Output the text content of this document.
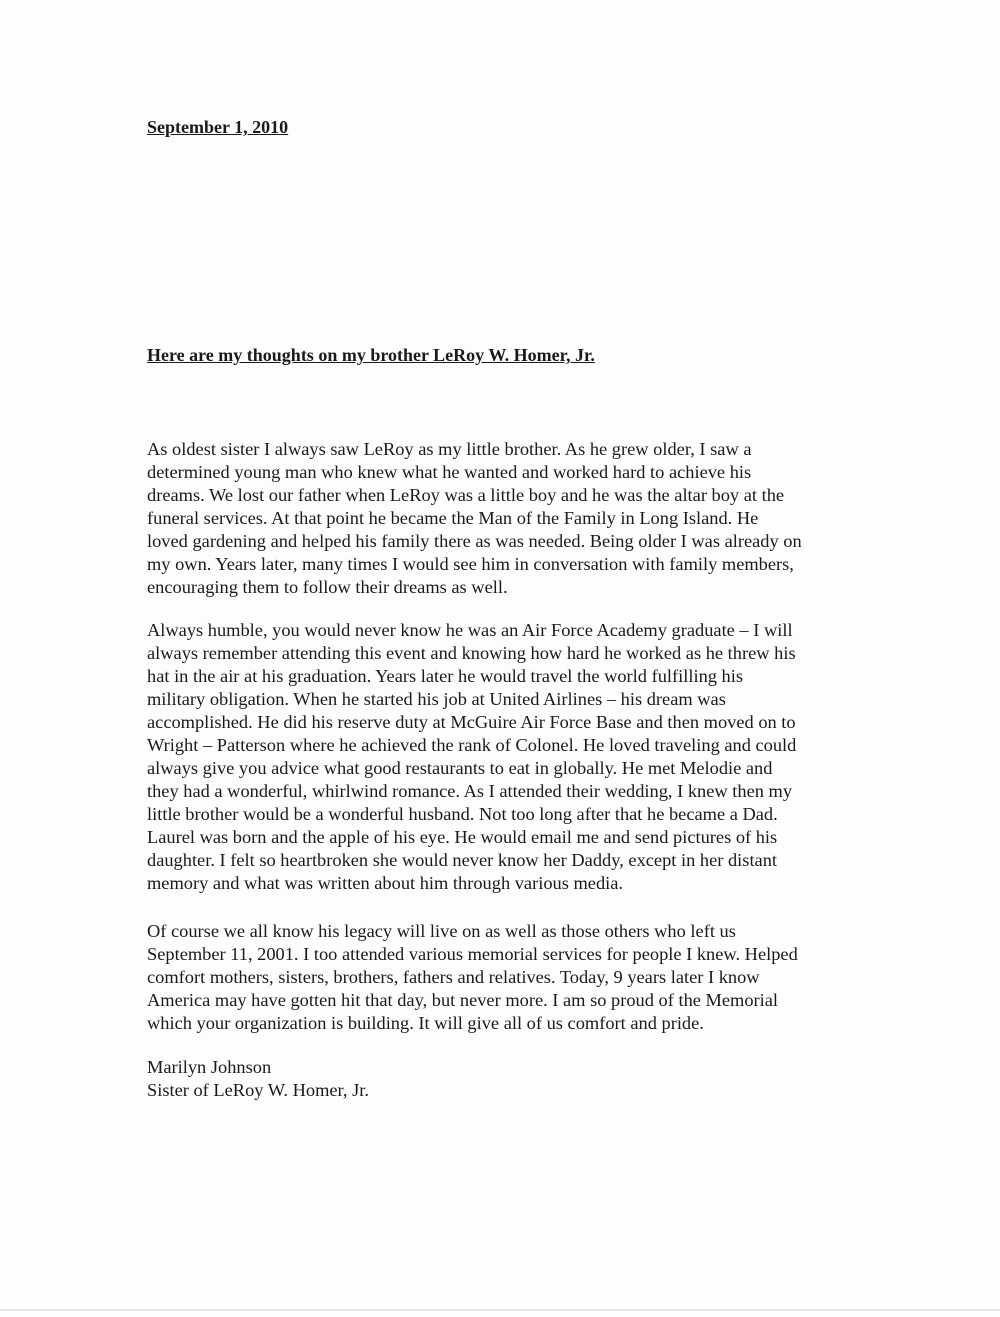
September 1, 2010
Here are my thoughts on my brother LeRoy W. Homer, Jr.
As oldest sister I always saw LeRoy as my little brother. As he grew older, I saw a
determined young man who knew what he wanted and worked hard to achieve his
dreams. We lost our father when LeRoy was a little boy and he was the altar boy at the
funeral services. At that point he became the Man of the Family in Long Island. He
loved gardening and helped his family there as was needed. Being older I was already on
my own. Years later, many times I would see him in conversation with family members,
encouraging them to follow their dreams as well.
Always humble, you would never know he was an Air Force Academy graduate – I will
always remember attending this event and knowing how hard he worked as he threw his
hat in the air at his graduation. Years later he would travel the world fulfilling his
military obligation. When he started his job at United Airlines – his dream was
accomplished. He did his reserve duty at McGuire Air Force Base and then moved on to
Wright – Patterson where he achieved the rank of Colonel. He loved traveling and could
always give you advice what good restaurants to eat in globally. He met Melodie and
they had a wonderful, whirlwind romance. As I attended their wedding, I knew then my
little brother would be a wonderful husband. Not too long after that he became a Dad.
Laurel was born and the apple of his eye. He would email me and send pictures of his
daughter. I felt so heartbroken she would never know her Daddy, except in her distant
memory and what was written about him through various media.
Of course we all know his legacy will live on as well as those others who left us
September 11, 2001. I too attended various memorial services for people I knew. Helped
comfort mothers, sisters, brothers, fathers and relatives. Today, 9 years later I know
America may have gotten hit that day, but never more. I am so proud of the Memorial
which your organization is building. It will give all of us comfort and pride.
Marilyn Johnson
Sister of LeRoy W. Homer, Jr.
